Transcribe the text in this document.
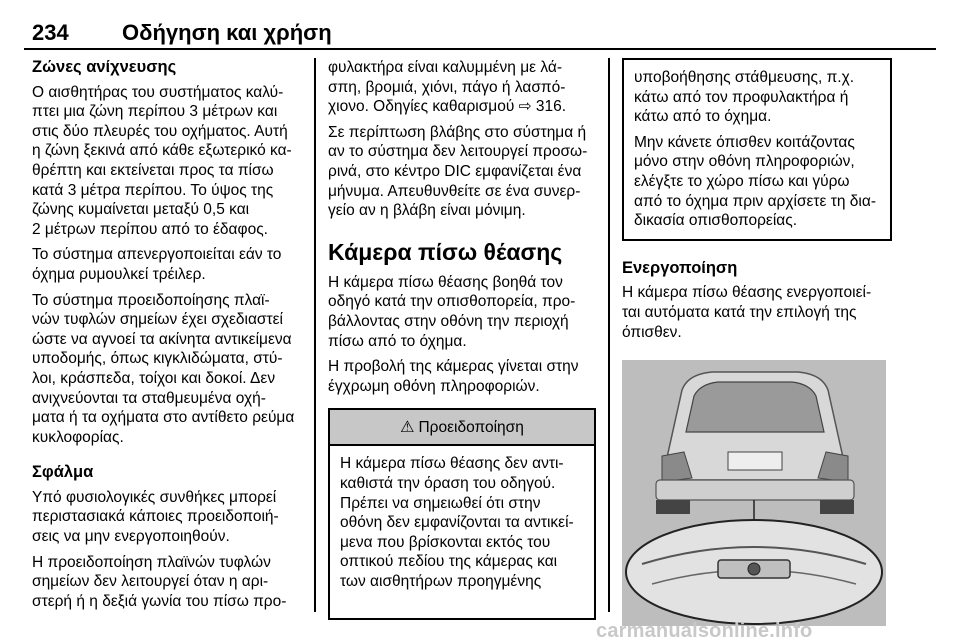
234 Οδήγηση και χρήση
Ζώνες ανίχνευσης

Ο αισθητήρας του συστήματος καλύ-
πτει μια ζώνη περίπου 3 μέτρων και
στις δύο πλευρές του οχήματος. Αυτή
η ζώνη ξεκινά από κάθε εξωτερικό κα-
θρέπτη και εκτείνεται προς τα πίσω
κατά 3 μέτρα περίπου. Το ύψος της
ζώνης κυμαίνεται μεταξύ 0,5 και
2 μέτρων περίπου από το έδαφος.

Το σύστημα απενεργοποιείται εάν το
όχημα ρυμουλκεί τρέιλερ.

Το σύστημα προειδοποίησης πλαϊ-
νών τυφλών σημείων έχει σχεδιαστεί
ώστε να αγνοεί τα ακίνητα αντικείμενα
υποδομής, όπως κιγκλιδώματα, στύ-
λοι, κράσπεδα, τοίχοι και δοκοί. Δεν
ανιχνεύονται τα σταθμευμένα οχή-
ματα ή τα οχήματα στο αντίθετο ρεύμα
κυκλοφορίας.

Σφάλμα

Υπό φυσιολογικές συνθήκες μπορεί
περιστασιακά κάποιες προειδοποιή-
σεις να μην ενεργοποιηθούν.

Η προειδοποίηση πλαϊνών τυφλών
σημείων δεν λειτουργεί όταν η αρι-
στερή ή η δεξιά γωνία του πίσω προ-

φυλακτήρα είναι καλυμμένη με λά-
σπη, βρομιά, χιόνι, πάγο ή λασπό-
χιονο. Οδηγίες καθαρισμού ⇨ 316.

Σε περίπτωση βλάβης στο σύστημα ή
αν το σύστημα δεν λειτουργεί προσω-
ρινά, στο κέντρο DIC εμφανίζεται ένα
μήνυμα. Απευθυνθείτε σε ένα συνερ-
γείο αν η βλάβη είναι μόνιμη.

Κάμερα πίσω θέασης

Η κάμερα πίσω θέασης βοηθά τον
οδηγό κατά την οπισθοπορεία, προ-
βάλλοντας στην οθόνη την περιοχή
πίσω από το όχημα.

Η προβολή της κάμερας γίνεται στην
έγχρωμη οθόνη πληροφοριών.

⚠ Προειδοποίηση
Η κάμερα πίσω θέασης δεν αντι-
καθιστά την όραση του οδηγού.
Πρέπει να σημειωθεί ότι στην
οθόνη δεν εμφανίζονται τα αντικεί-
μενα που βρίσκονται εκτός του
οπτικού πεδίου της κάμερας και
των αισθητήρων προηγμένης

υποβοήθησης στάθμευσης, π.χ.
κάτω από τον προφυλακτήρα ή
κάτω από το όχημα.

Μην κάνετε όπισθεν κοιτάζοντας
μόνο στην οθόνη πληροφοριών,
ελέγξτε το χώρο πίσω και γύρω
από το όχημα πριν αρχίσετε τη δια-
δικασία οπισθοπορείας.

Ενεργοποίηση

Η κάμερα πίσω θέασης ενεργοποιεί-
ται αυτόματα κατά την επιλογή της
όπισθεν.

carmanualsonline.info
